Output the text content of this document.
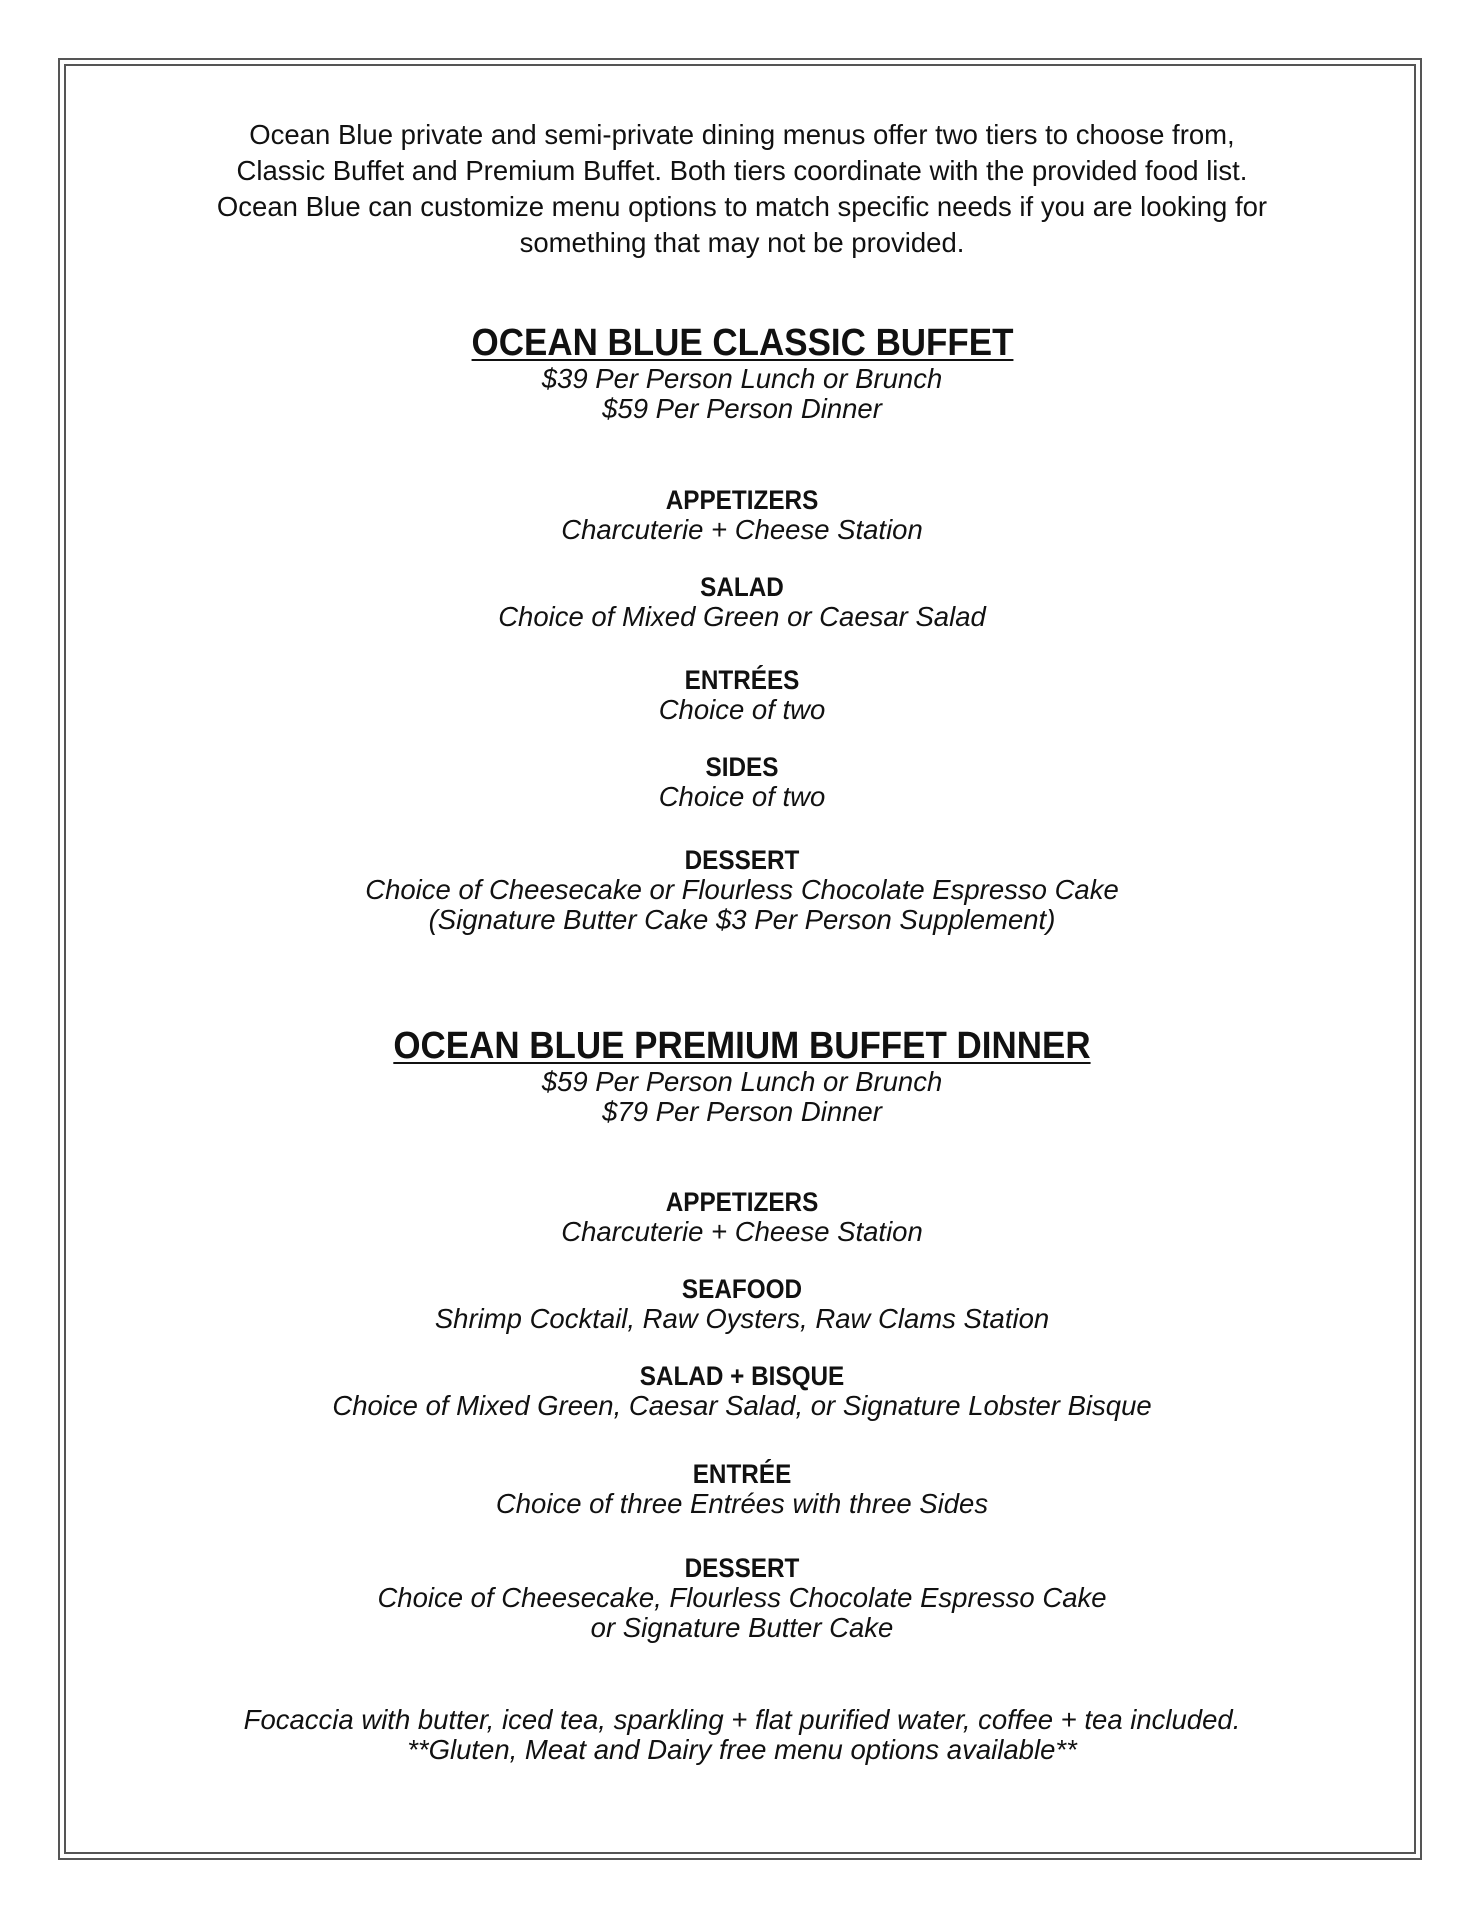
Ocean Blue private and semi-private dining menus offer two tiers to choose from,

Classic Buffet and Premium Buffet. Both tiers coordinate with the provided food list.

Ocean Blue can customize menu options to match specific needs if you are looking for

something that may not be provided.

OCEAN BLUE CLASSIC BUFFET

$39 Per Person Lunch or Brunch

$59 Per Person Dinner

APPETIZERS

Charcuterie + Cheese Station

SALAD

Choice of Mixed Green or Caesar Salad

ENTRÉES

Choice of two

SIDES

Choice of two

DESSERT

Choice of Cheesecake or Flourless Chocolate Espresso Cake

(Signature Butter Cake $3 Per Person Supplement)

OCEAN BLUE PREMIUM BUFFET DINNER

$59 Per Person Lunch or Brunch

$79 Per Person Dinner

APPETIZERS

Charcuterie + Cheese Station

SEAFOOD

Shrimp Cocktail, Raw Oysters, Raw Clams Station

SALAD + BISQUE

Choice of Mixed Green, Caesar Salad, or Signature Lobster Bisque

ENTRÉE

Choice of three Entrées with three Sides

DESSERT

Choice of Cheesecake, Flourless Chocolate Espresso Cake

or Signature Butter Cake

Focaccia with butter, iced tea, sparkling + flat purified water, coffee + tea included.

**Gluten, Meat and Dairy free menu options available**
